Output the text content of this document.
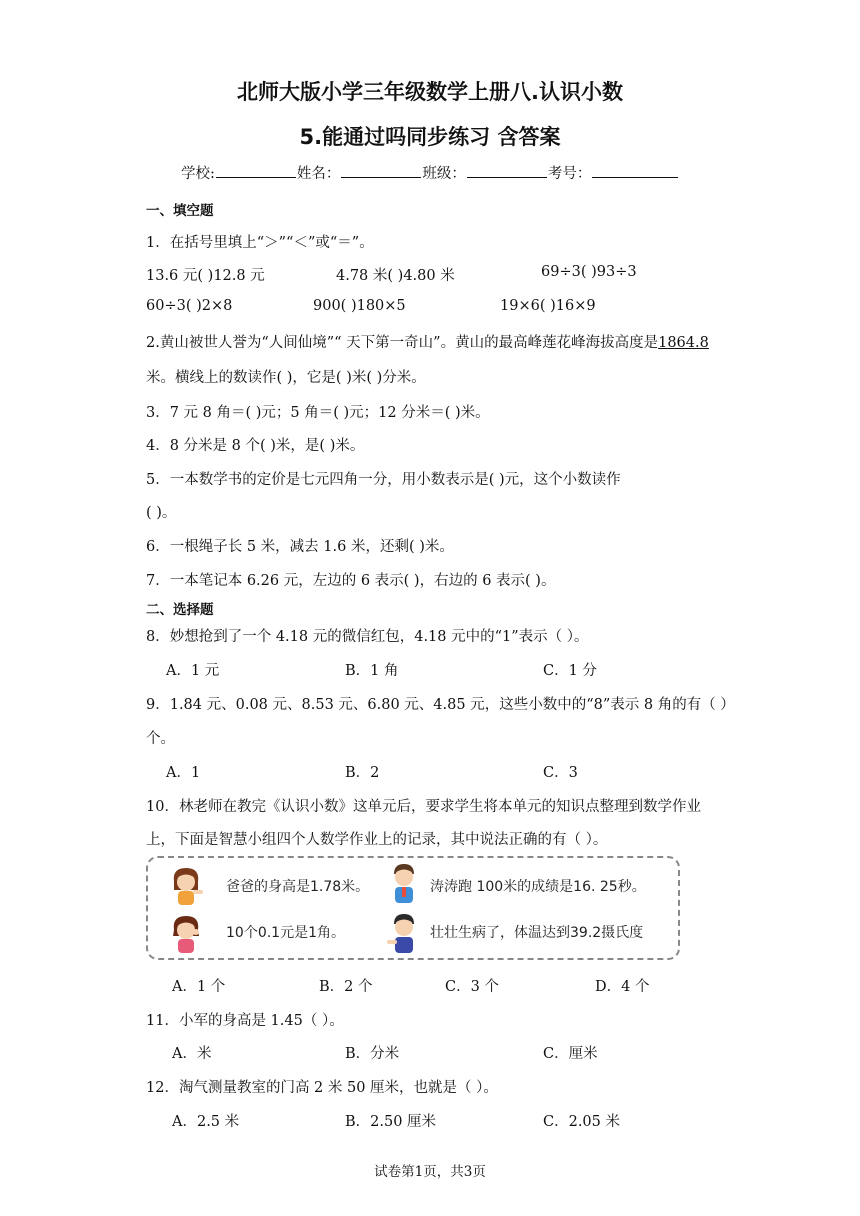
北师大版小学三年级数学上册八.认识小数
5.能通过吗同步练习 含答案
学校:	姓名：	班级：	考号：
一、填空题
1．在括号里填上“＞”“＜”或“＝”。
13.6 元( )12.8 元	4.78 米( )4.80 米	69÷3( )93÷3
60÷3( )2×8	900( )180×5	19×6( )16×9
2.黄山被世人誉为“人间仙境”“ 天下第一奇山”。黄山的最高峰莲花峰海拔高度是1864.8
米。横线上的数读作( )，它是( )米( )分米。
3．7 元 8 角＝( )元；5 角＝( )元；12 分米＝( )米。
4．8 分米是 8 个( )米，是( )米。
5．一本数学书的定价是七元四角一分，用小数表示是( )元，这个小数读作
( )。
6．一根绳子长 5 米，减去 1.6 米，还剩( )米。
7．一本笔记本 6.26 元，左边的 6 表示( )，右边的 6 表示( )。
二、选择题
8．妙想抢到了一个 4.18 元的微信红包，4.18 元中的“1”表示（ ）。
A．1 元	B．1 角	C．1 分
9．1.84 元、0.08 元、8.53 元、6.80 元、4.85 元，这些小数中的“8”表示 8 角的有（ ）
个。
A．1	B．2	C．3
10．林老师在教完《认识小数》这单元后，要求学生将本单元的知识点整理到数学作业
上，下面是智慧小组四个人数学作业上的记录，其中说法正确的有（ ）。
爸爸的身高是1.78米。	涛涛跑 100米的成绩是16. 25秒。
10个0.1元是1角。	壮壮生病了，体温达到39.2摄氏度
A．1 个	B．2 个	C．3 个	D．4 个
11．小军的身高是 1.45（ ）。
A．米	B．分米	C．厘米
12．淘气测量教室的门高 2 米 50 厘米，也就是（ ）。
A．2.5 米	B．2.50 厘米	C．2.05 米
试卷第1页，共3页
